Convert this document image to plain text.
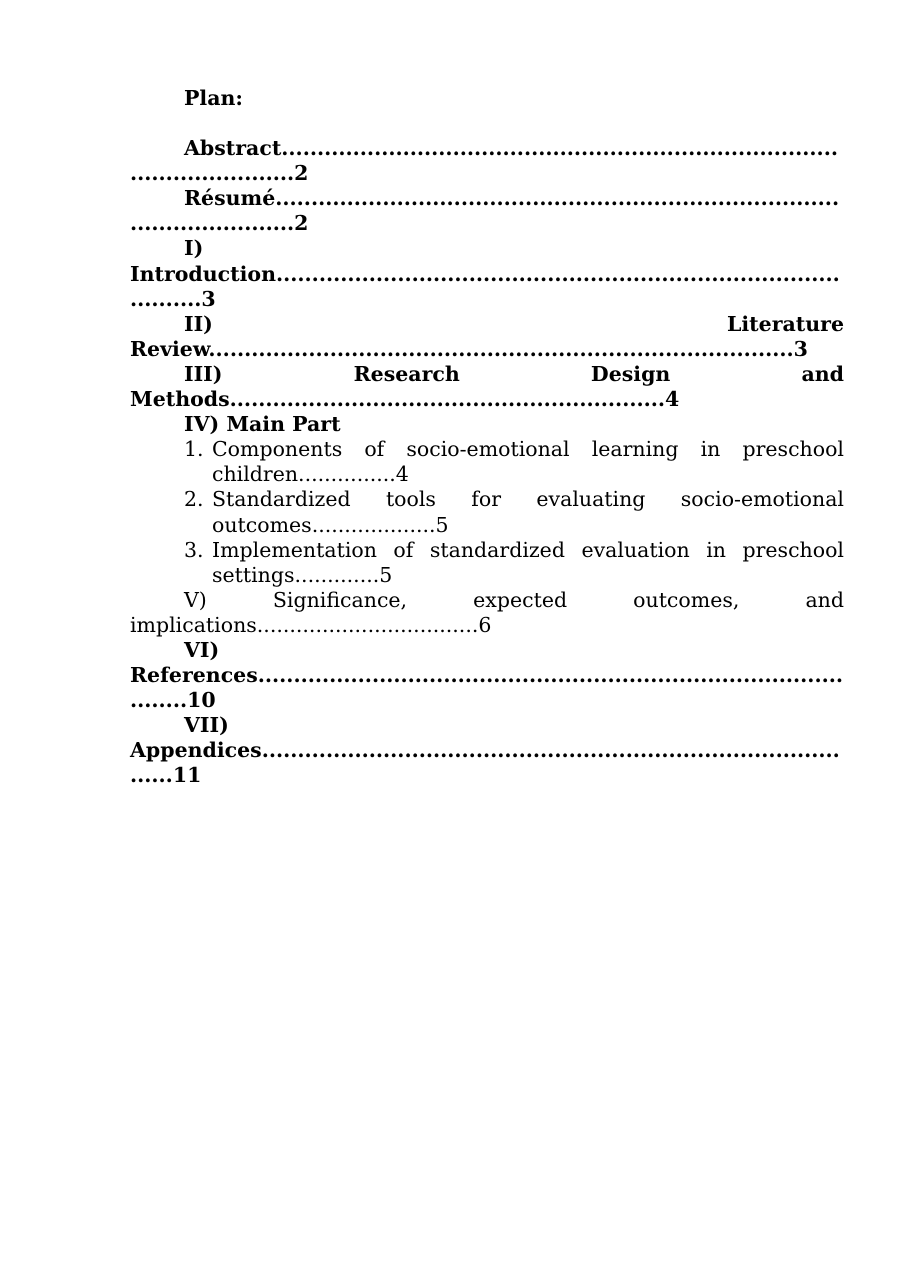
Plan:

Abstract.....................................................................................................2

Résumé......................................................................................................2

I) Introduction.........................................................................................3

II) Literature Review..................................................................................3

III) Research Design and Methods.............................................................4

IV) Main Part

1. Components of socio-emotional learning in preschool children...............4
2. Standardized tools for evaluating socio-emotional outcomes...................5
3. Implementation of standardized evaluation in preschool settings.............5

V) Significance, expected outcomes, and implications..................................6

VI) References..........................................................................................10

VII) Appendices.......................................................................................11
